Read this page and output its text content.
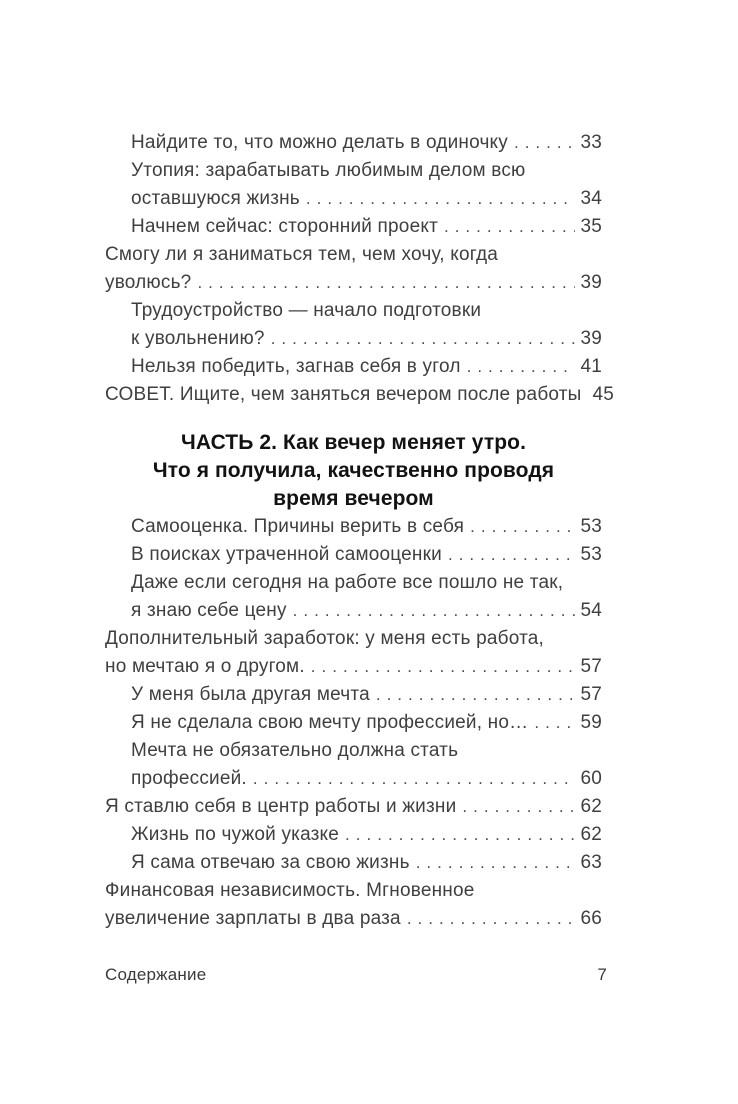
Найдите то, что можно делать в одиночку .....	33
Утопия: зарабатывать любимым делом всю
оставшуюся жизнь .....	34
Начнем сейчас: сторонний проект .....	35
Смогу ли я заниматься тем, чем хочу, когда
уволюсь? .....	39
Трудоустройство — начало подготовки
к увольнению? .....	39
Нельзя победить, загнав себя в угол .....	41
СОВЕТ. Ищите, чем заняться вечером после работы 45
ЧАСТЬ 2. Как вечер меняет утро.
Что я получила, качественно проводя
время вечером
Самооценка. Причины верить в себя .....	53
В поисках утраченной самооценки .....	53
Даже если сегодня на работе все пошло не так,
я знаю себе цену .....	54
Дополнительный заработок: у меня есть работа,
но мечтаю я о другом. .....	57
У меня была другая мечта .....	57
Я не сделала свою мечту профессией, но… .....	59
Мечта не обязательно должна стать
профессией. .....	60
Я ставлю себя в центр работы и жизни .....	62
Жизнь по чужой указке .....	62
Я сама отвечаю за свою жизнь .....	63
Финансовая независимость. Мгновенное
увеличение зарплаты в два раза .....	66
Содержание	7
